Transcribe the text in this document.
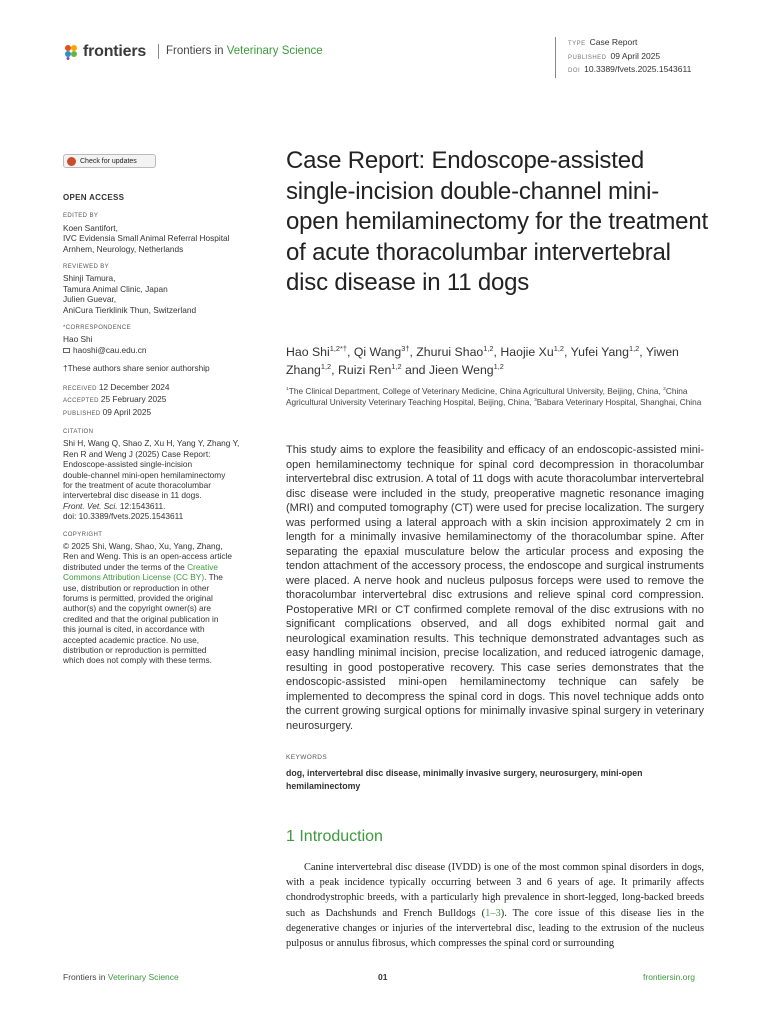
frontiers	Frontiers in Veterinary Science
TYPE Case Report
PUBLISHED 09 April 2025
DOI 10.3389/fvets.2025.1543611
Check for updates
OPEN ACCESS
EDITED BY
Koen Santifort,
IVC Evidensia Small Animal Referral Hospital
Arnhem, Neurology, Netherlands
REVIEWED BY
Shinji Tamura,
Tamura Animal Clinic, Japan
Julien Guevar,
AniCura Tierklinik Thun, Switzerland
*CORRESPONDENCE
Hao Shi
haoshi@cau.edu.cn
†These authors share senior authorship
RECEIVED 12 December 2024
ACCEPTED 25 February 2025
PUBLISHED 09 April 2025
CITATION
Shi H, Wang Q, Shao Z, Xu H, Yang Y, Zhang Y,
Ren R and Weng J (2025) Case Report:
Endoscope-assisted single-incision
double-channel mini-open hemilaminectomy
for the treatment of acute thoracolumbar
intervertebral disc disease in 11 dogs.
Front. Vet. Sci. 12:1543611.
doi: 10.3389/fvets.2025.1543611
COPYRIGHT
© 2025 Shi, Wang, Shao, Xu, Yang, Zhang,
Ren and Weng. This is an open-access article
distributed under the terms of the Creative
Commons Attribution License (CC BY). The
use, distribution or reproduction in other
forums is permitted, provided the original
author(s) and the copyright owner(s) are
credited and that the original publication in
this journal is cited, in accordance with
accepted academic practice. No use,
distribution or reproduction is permitted
which does not comply with these terms.
Case Report: Endoscope-assisted single-incision double-channel mini-open hemilaminectomy for the treatment of acute thoracolumbar intervertebral disc disease in 11 dogs
Hao Shi$^{1,2*\dagger}$, Qi Wang$^{3\dagger}$, Zhurui Shao$^{1,2}$, Haojie Xu$^{1,2}$, Yufei Yang$^{1,2}$, Yiwen Zhang$^{1,2}$, Ruizi Ren$^{1,2}$ and Jieen Weng$^{1,2}$
$^1$The Clinical Department, College of Veterinary Medicine, China Agricultural University, Beijing, China, $^2$China Agricultural University Veterinary Teaching Hospital, Beijing, China, $^3$Babara Veterinary Hospital, Shanghai, China

This study aims to explore the feasibility and efficacy of an endoscopic-assisted mini-open hemilaminectomy technique for spinal cord decompression in thoracolumbar intervertebral disc extrusion. A total of 11 dogs with acute thoracolumbar intervertebral disc disease were included in the study, preoperative magnetic resonance imaging (MRI) and computed tomography (CT) were used for precise localization. The surgery was performed using a lateral approach with a skin incision approximately 2 cm in length for a minimally invasive hemilaminectomy of the thoracolumbar spine. After separating the epaxial musculature below the articular process and exposing the tendon attachment of the accessory process, the endoscope and surgical instruments were placed. A nerve hook and nucleus pulposus forceps were used to remove the thoracolumbar intervertebral disc extrusions and relieve spinal cord compression. Postoperative MRI or CT confirmed complete removal of the disc extrusions with no significant complications observed, and all dogs exhibited normal gait and neurological examination results. This technique demonstrated advantages such as easy handling minimal incision, precise localization, and reduced iatrogenic damage, resulting in good postoperative recovery. This case series demonstrates that the endoscopic-assisted mini-open hemilaminectomy technique can safely be implemented to decompress the spinal cord in dogs. This novel technique adds onto the current growing surgical options for minimally invasive spinal surgery in veterinary neurosurgery.

KEYWORDS
dog, intervertebral disc disease, minimally invasive surgery, neurosurgery, mini-open hemilaminectomy
1 Introduction

Canine intervertebral disc disease (IVDD) is one of the most common spinal disorders in dogs, with a peak incidence typically occurring between 3 and 6 years of age. It primarily affects chondrodystrophic breeds, with a particularly high prevalence in short-legged, long-backed breeds such as Dachshunds and French Bulldogs (1–3). The core issue of this disease lies in the degenerative changes or injuries of the intervertebral disc, leading to the extrusion of the nucleus pulposus or annulus fibrosus, which compresses the spinal cord or surrounding

Frontiers in Veterinary Science	01	frontiersin.org
